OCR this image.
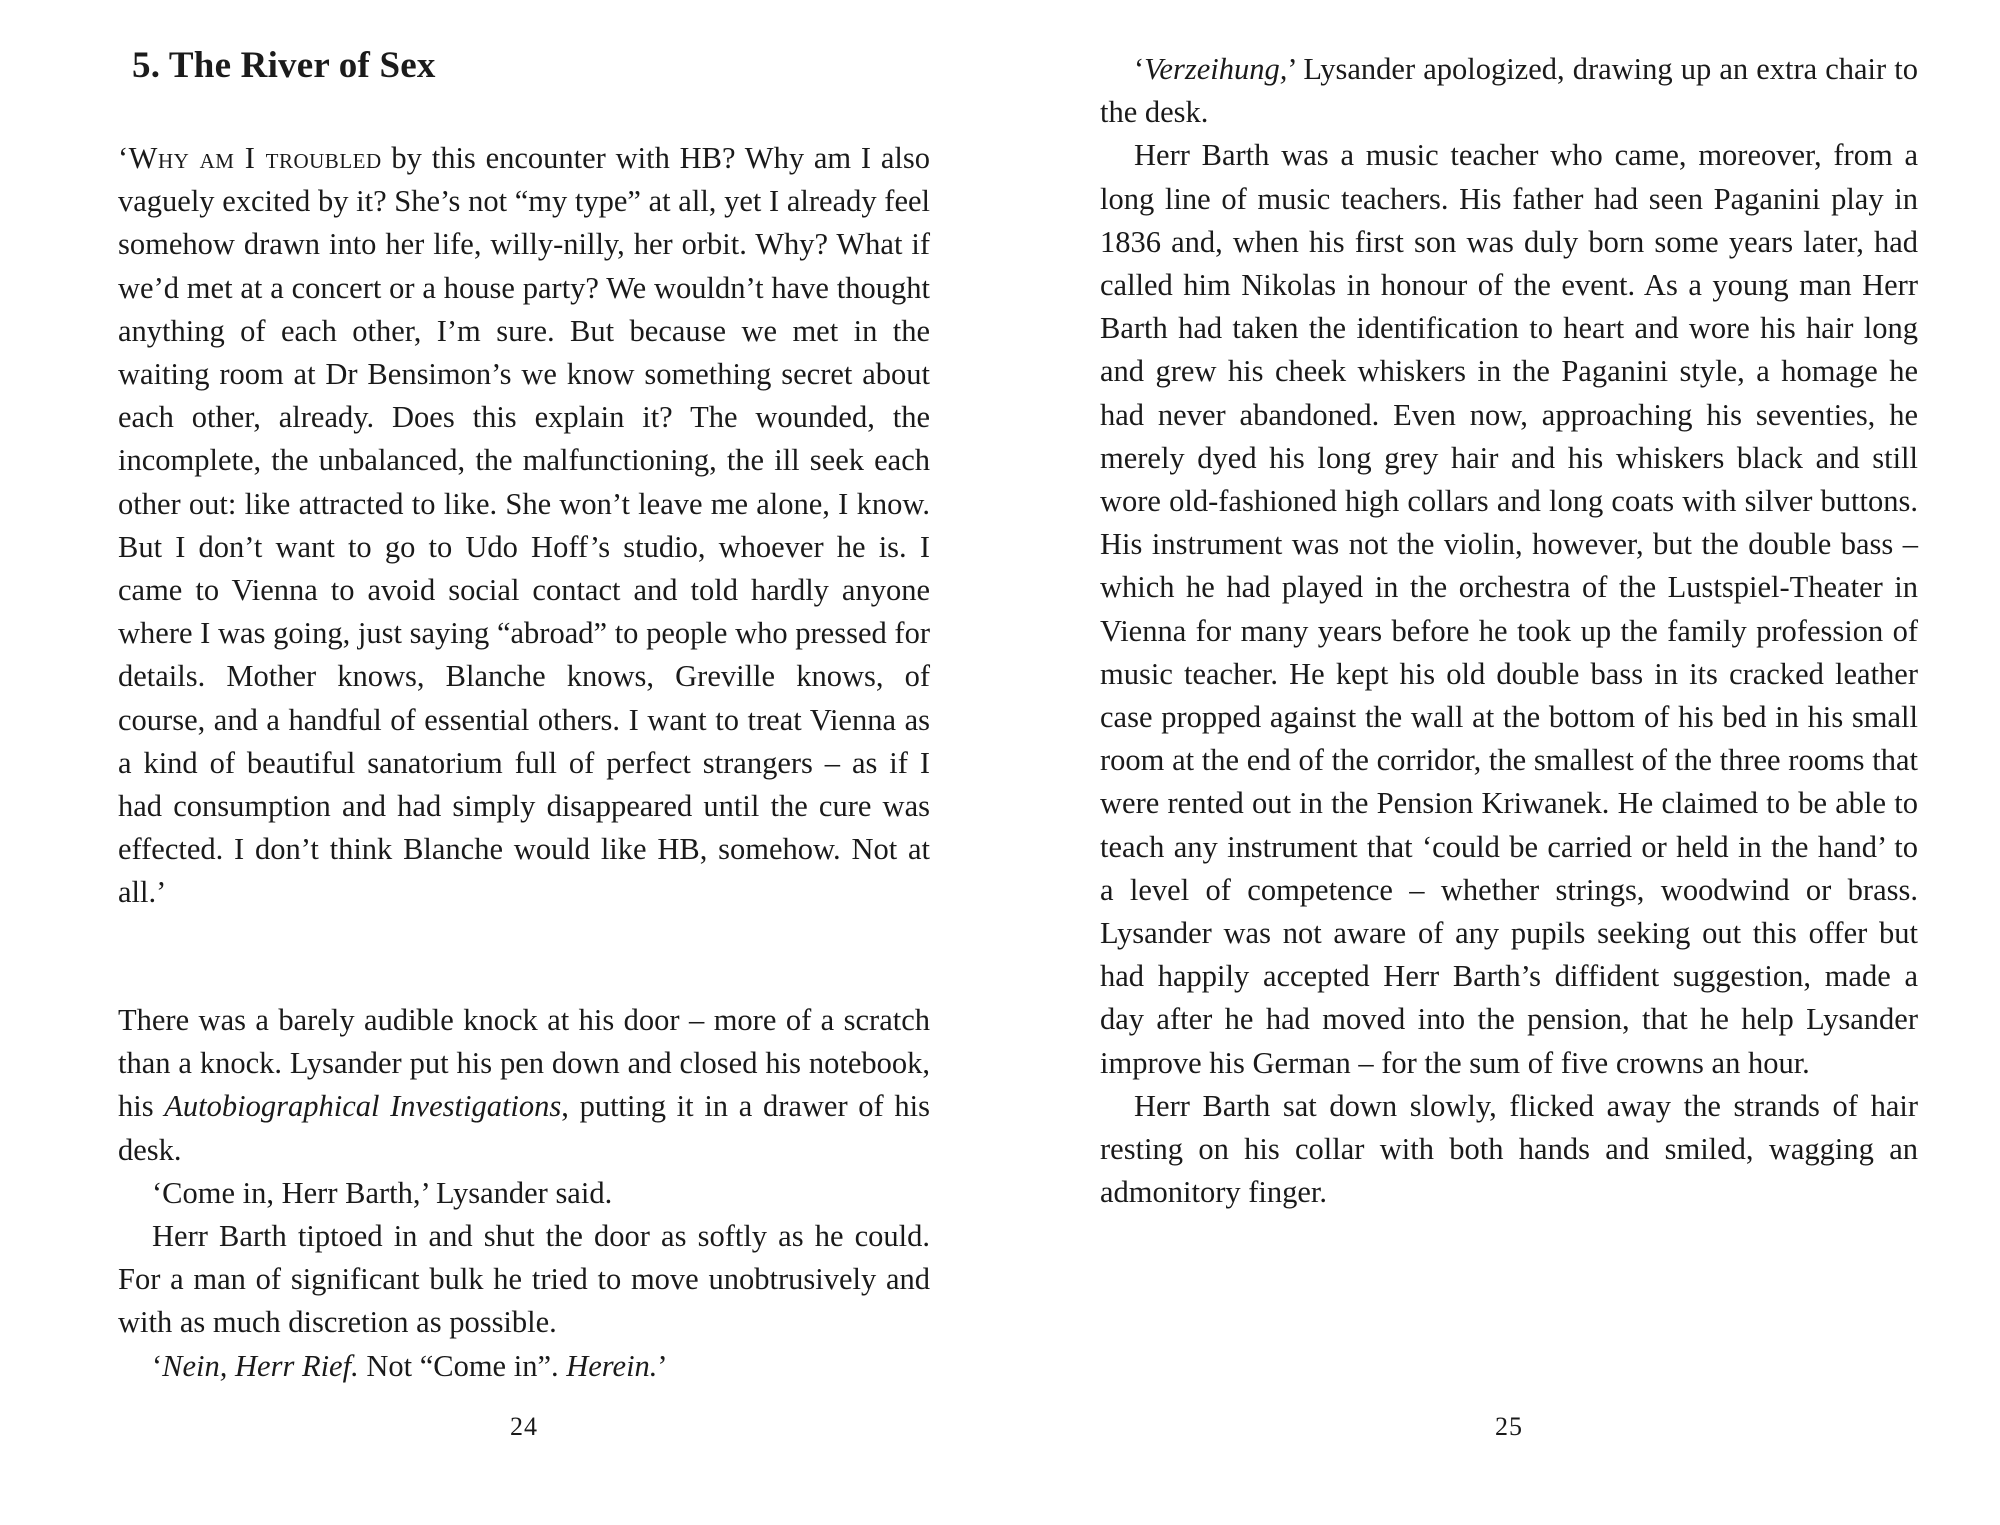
5. The River of Sex

‘Why am I troubled by this encounter with HB? Why am I also vaguely excited by it? She’s not “my type” at all, yet I already feel somehow drawn into her life, willy-nilly, her orbit. Why? What if we’d met at a concert or a house party? We wouldn’t have thought anything of each other, I’m sure. But because we met in the waiting room at Dr Bensimon’s we know something secret about each other, already. Does this explain it? The wounded, the incomplete, the unbalanced, the malfunctioning, the ill seek each other out: like attracted to like. She won’t leave me alone, I know. But I don’t want to go to Udo Hoff’s studio, whoever he is. I came to Vienna to avoid social contact and told hardly anyone where I was going, just saying “abroad” to people who pressed for details. Mother knows, Blanche knows, Greville knows, of course, and a handful of essential others. I want to treat Vienna as a kind of beautiful sanatorium full of perfect strangers – as if I had consumption and had simply disappeared until the cure was effected. I don’t think Blanche would like HB, somehow. Not at all.’

There was a barely audible knock at his door – more of a scratch than a knock. Lysander put his pen down and closed his notebook, his Autobiographical Investigations, putting it in a drawer of his desk.

‘Come in, Herr Barth,’ Lysander said.

Herr Barth tiptoed in and shut the door as softly as he could. For a man of significant bulk he tried to move unobtrusively and with as much discretion as possible.

‘Nein, Herr Rief. Not “Come in”. Herein.’

24

‘Verzeihung,’ Lysander apologized, drawing up an extra chair to the desk.

Herr Barth was a music teacher who came, moreover, from a long line of music teachers. His father had seen Paganini play in 1836 and, when his first son was duly born some years later, had called him Nikolas in honour of the event. As a young man Herr Barth had taken the identification to heart and wore his hair long and grew his cheek whiskers in the Paganini style, a homage he had never abandoned. Even now, approaching his seventies, he merely dyed his long grey hair and his whiskers black and still wore old-fashioned high collars and long coats with silver buttons. His instrument was not the violin, however, but the double bass – which he had played in the orchestra of the Lustspiel-Theater in Vienna for many years before he took up the family profession of music teacher. He kept his old double bass in its cracked leather case propped against the wall at the bottom of his bed in his small room at the end of the corridor, the smallest of the three rooms that were rented out in the Pension Kriwanek. He claimed to be able to teach any instrument that ‘could be carried or held in the hand’ to a level of competence – whether strings, woodwind or brass. Lysander was not aware of any pupils seeking out this offer but had happily accepted Herr Barth’s diffident suggestion, made a day after he had moved into the pension, that he help Lysander improve his German – for the sum of five crowns an hour.

Herr Barth sat down slowly, flicked away the strands of hair resting on his collar with both hands and smiled, wagging an admonitory finger.

25
